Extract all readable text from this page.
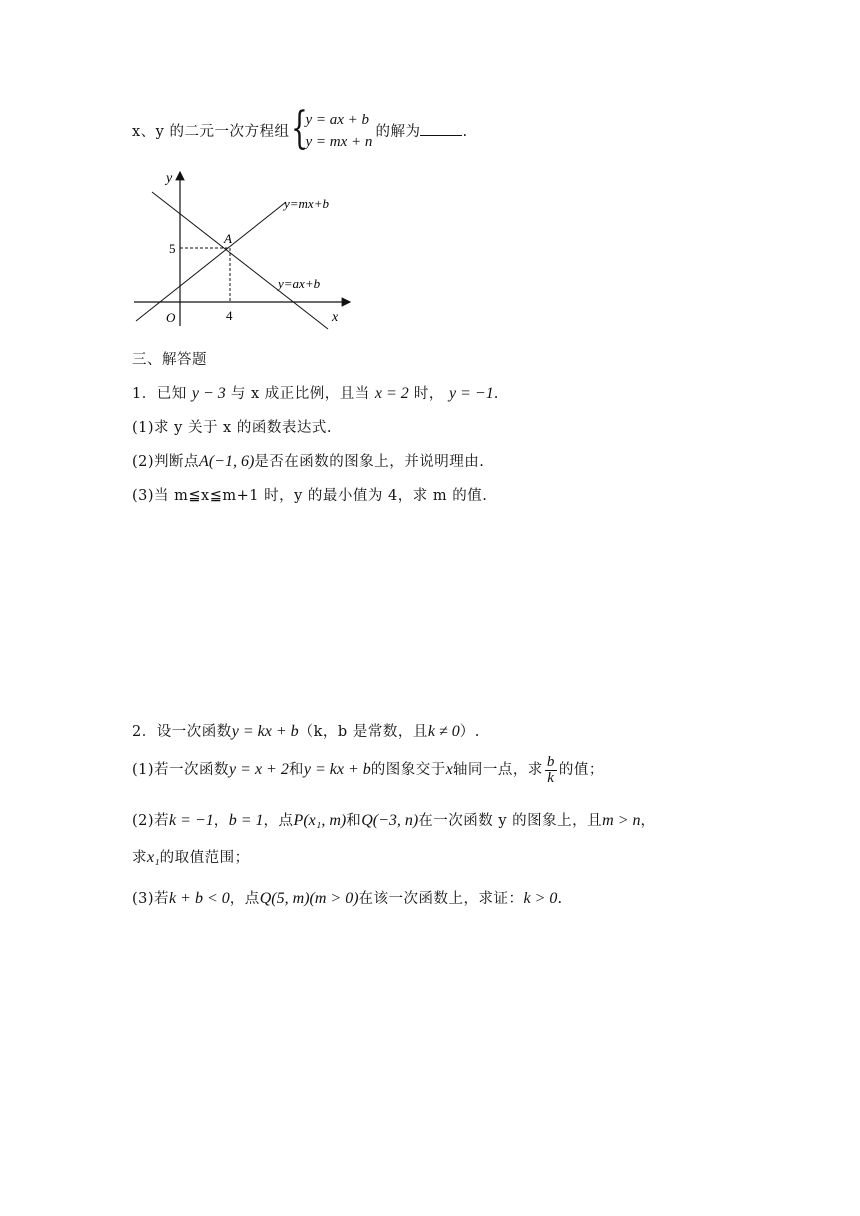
x、y 的二元一次方程组 {
y = ax + b
y = mx + n
的解为	.
y
x
O
A
5
4
y=mx+b
y=ax+b
三、解答题
1．已知 y − 3 与 x 成正比例，且当 x = 2 时， y = −1.
(1)求 y 关于 x 的函数表达式.
(2)判断点A(−1, 6)是否在函数的图象上，并说明理由.
(3)当 m≦x≦m+1 时，y 的最小值为 4，求 m 的值.
2．设一次函数y = kx + b（k，b 是常数，且k ≠ 0）.
(1)若一次函数y = x + 2和y = kx + b的图象交于x轴同一点，求 $\frac{b}{k}$ 的值；
(2)若k = −1，b = 1，点P(x₁, m)和Q(−3, n)在一次函数 y 的图象上，且m > n，
求x₁的取值范围；
(3)若k + b < 0，点Q(5, m)(m > 0)在该一次函数上，求证：k > 0.
